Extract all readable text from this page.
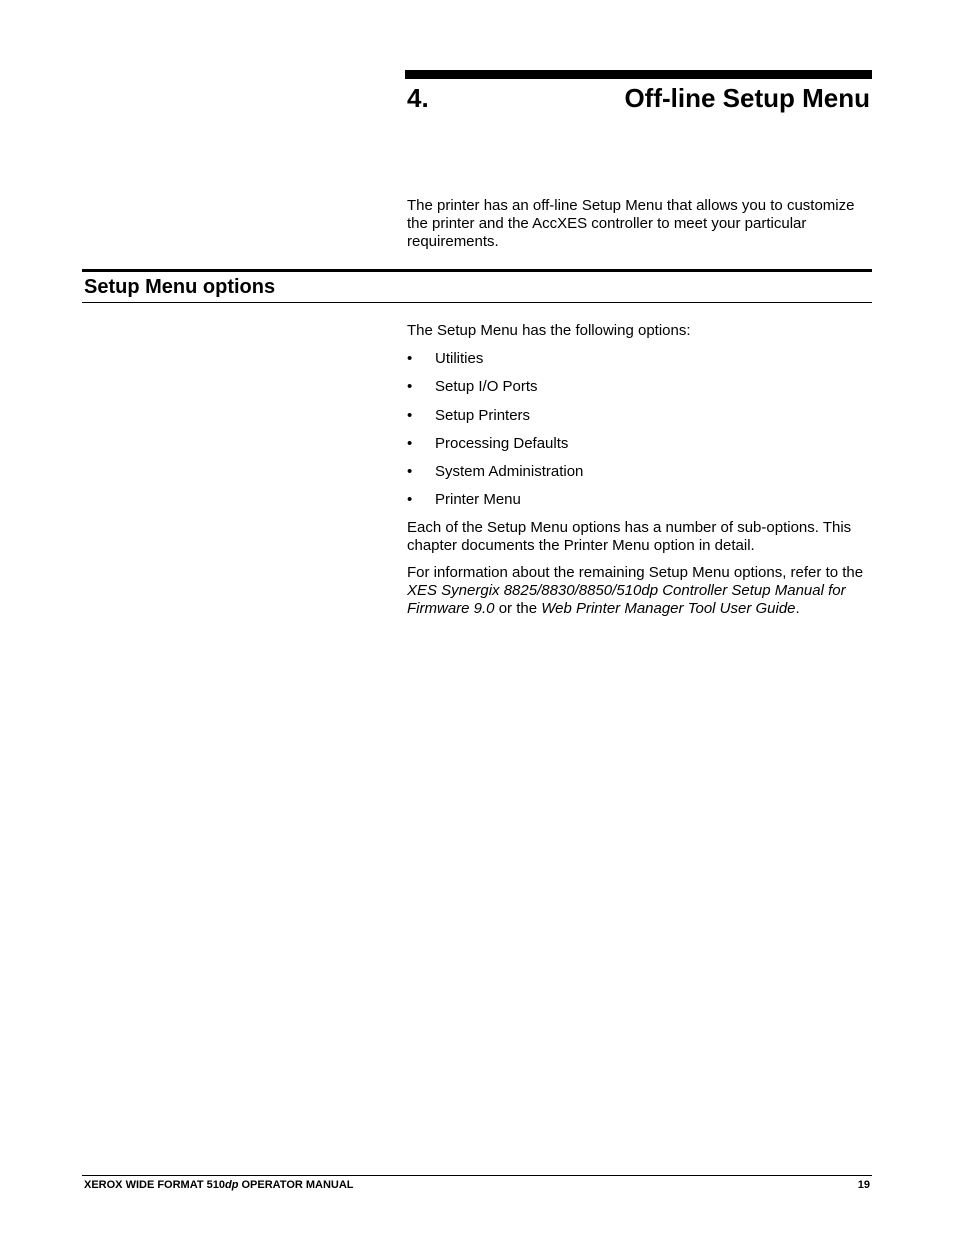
4.	Off-line Setup Menu

The printer has an off-line Setup Menu that allows you to customize the printer and the AccXES controller to meet your particular requirements.

Setup Menu options

The Setup Menu has the following options:

• Utilities
• Setup I/O Ports
• Setup Printers
• Processing Defaults
• System Administration
• Printer Menu

Each of the Setup Menu options has a number of sub-options. This chapter documents the Printer Menu option in detail.

For information about the remaining Setup Menu options, refer to the XES Synergix 8825/8830/8850/510dp Controller Setup Manual for Firmware 9.0 or the Web Printer Manager Tool User Guide.

XEROX WIDE FORMAT 510dp OPERATOR MANUAL	19
